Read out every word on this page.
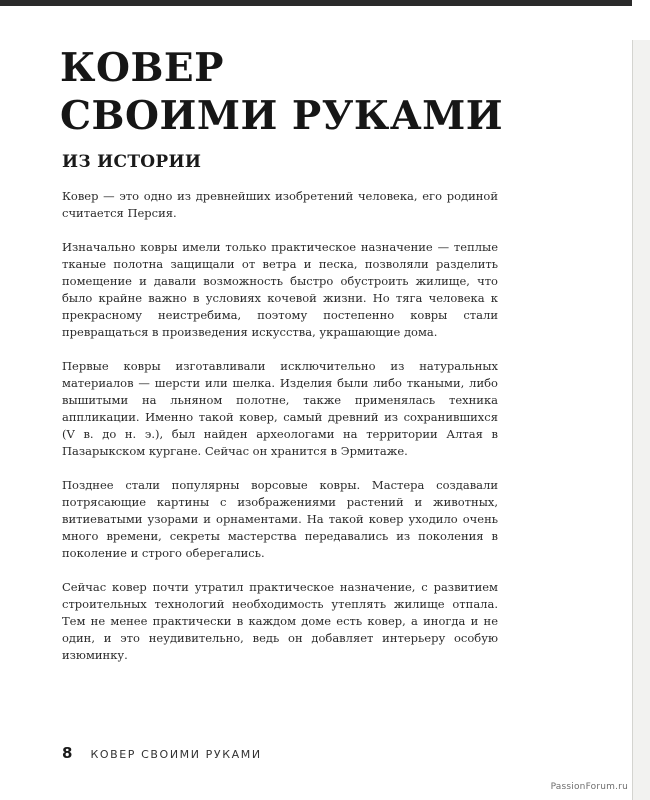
КОВЕР
СВОИМИ РУКАМИ
ИЗ ИСТОРИИ

Ковер — это одно из древнейших изобретений человека, его родиной считается Персия.

Изначально ковры имели только практическое назначение — теплые тканые полотна защищали от ветра и песка, позволяли разделить помещение и давали возможность быстро обустроить жилище, что было крайне важно в условиях кочевой жизни. Но тяга человека к прекрасному неистребима, поэтому постепенно ковры стали превращаться в произведения искусства, украшающие дома.

Первые ковры изготавливали исключительно из натуральных материалов — шерсти или шелка. Изделия были либо ткаными, либо вышитыми на льняном полотне, также применялась техника аппликации. Именно такой ковер, самый древний из сохранившихся (V в. до н. э.), был найден археологами на территории Алтая в Пазарыкском кургане. Сейчас он хранится в Эрмитаже.

Позднее стали популярны ворсовые ковры. Мастера создавали потрясающие картины с изображениями растений и животных, витиеватыми узорами и орнаментами. На такой ковер уходило очень много времени, секреты мастерства передавались из поколения в поколение и строго оберегались.

Сейчас ковер почти утратил практическое назначение, с развитием строительных технологий необходимость утеплять жилище отпала. Тем не менее практически в каждом доме есть ковер, а иногда и не один, и это неудивительно, ведь он добавляет интерьеру особую изюминку.

8 КОВЕР СВОИМИ РУКАМИ
PassionForum.ru
